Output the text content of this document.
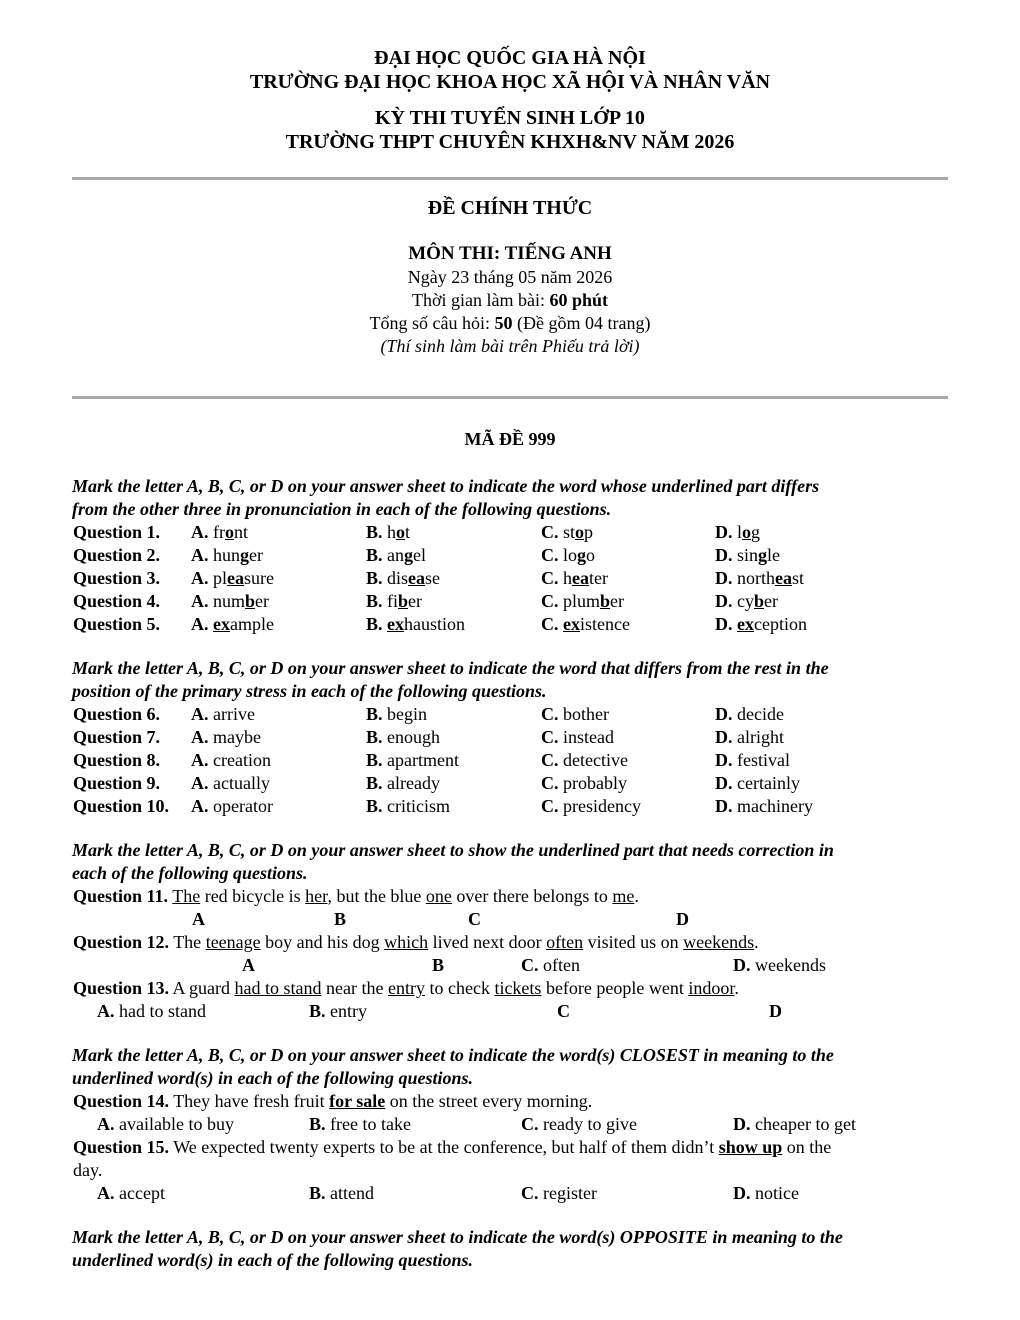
ĐẠI HỌC QUỐC GIA HÀ NỘI
TRƯỜNG ĐẠI HỌC KHOA HỌC XÃ HỘI VÀ NHÂN VĂN
KỲ THI TUYỂN SINH LỚP 10
TRƯỜNG THPT CHUYÊN KHXH&NV NĂM 2026
ĐỀ CHÍNH THỨC
MÔN THI: TIẾNG ANH
Ngày 23 tháng 05 năm 2026
Thời gian làm bài: 60 phút
Tổng số câu hỏi: 50 (Đề gồm 04 trang)
(Thí sinh làm bài trên Phiếu trả lời)
MÃ ĐỀ 999
Mark the letter A, B, C, or D on your answer sheet to indicate the word whose underlined part differs
from the other three in pronunciation in each of the following questions.
Question 1. A. front	B. hot	C. stop	D. log
Question 2. A. hunger	B. angel	C. logo	D. single
Question 3. A. pleasure	B. disease	C. heater	D. northeast
Question 4. A. number	B. fiber	C. plumber	D. cyber
Question 5. A. example	B. exhaustion	C. existence	D. exception
Mark the letter A, B, C, or D on your answer sheet to indicate the word that differs from the rest in the
position of the primary stress in each of the following questions.
Question 6. A. arrive	B. begin	C. bother	D. decide
Question 7. A. maybe	B. enough	C. instead	D. alright
Question 8. A. creation	B. apartment	C. detective	D. festival
Question 9. A. actually	B. already	C. probably	D. certainly
Question 10. A. operator	B. criticism	C. presidency	D. machinery
Mark the letter A, B, C, or D on your answer sheet to show the underlined part that needs correction in
each of the following questions.
Question 11. The red bicycle is her, but the blue one over there belongs to me.
A	B	C	D
Question 12. The teenage boy and his dog which lived next door often visited us on weekends.
A	B	C. often	D. weekends
Question 13. A guard had to stand near the entry to check tickets before people went indoor.
A. had to stand	B. entry	C	D
Mark the letter A, B, C, or D on your answer sheet to indicate the word(s) CLOSEST in meaning to the
underlined word(s) in each of the following questions.
Question 14. They have fresh fruit for sale on the street every morning.
A. available to buy	B. free to take	C. ready to give	D. cheaper to get
Question 15. We expected twenty experts to be at the conference, but half of them didn’t show up on the
day.
A. accept	B. attend	C. register	D. notice
Mark the letter A, B, C, or D on your answer sheet to indicate the word(s) OPPOSITE in meaning to the
underlined word(s) in each of the following questions.
